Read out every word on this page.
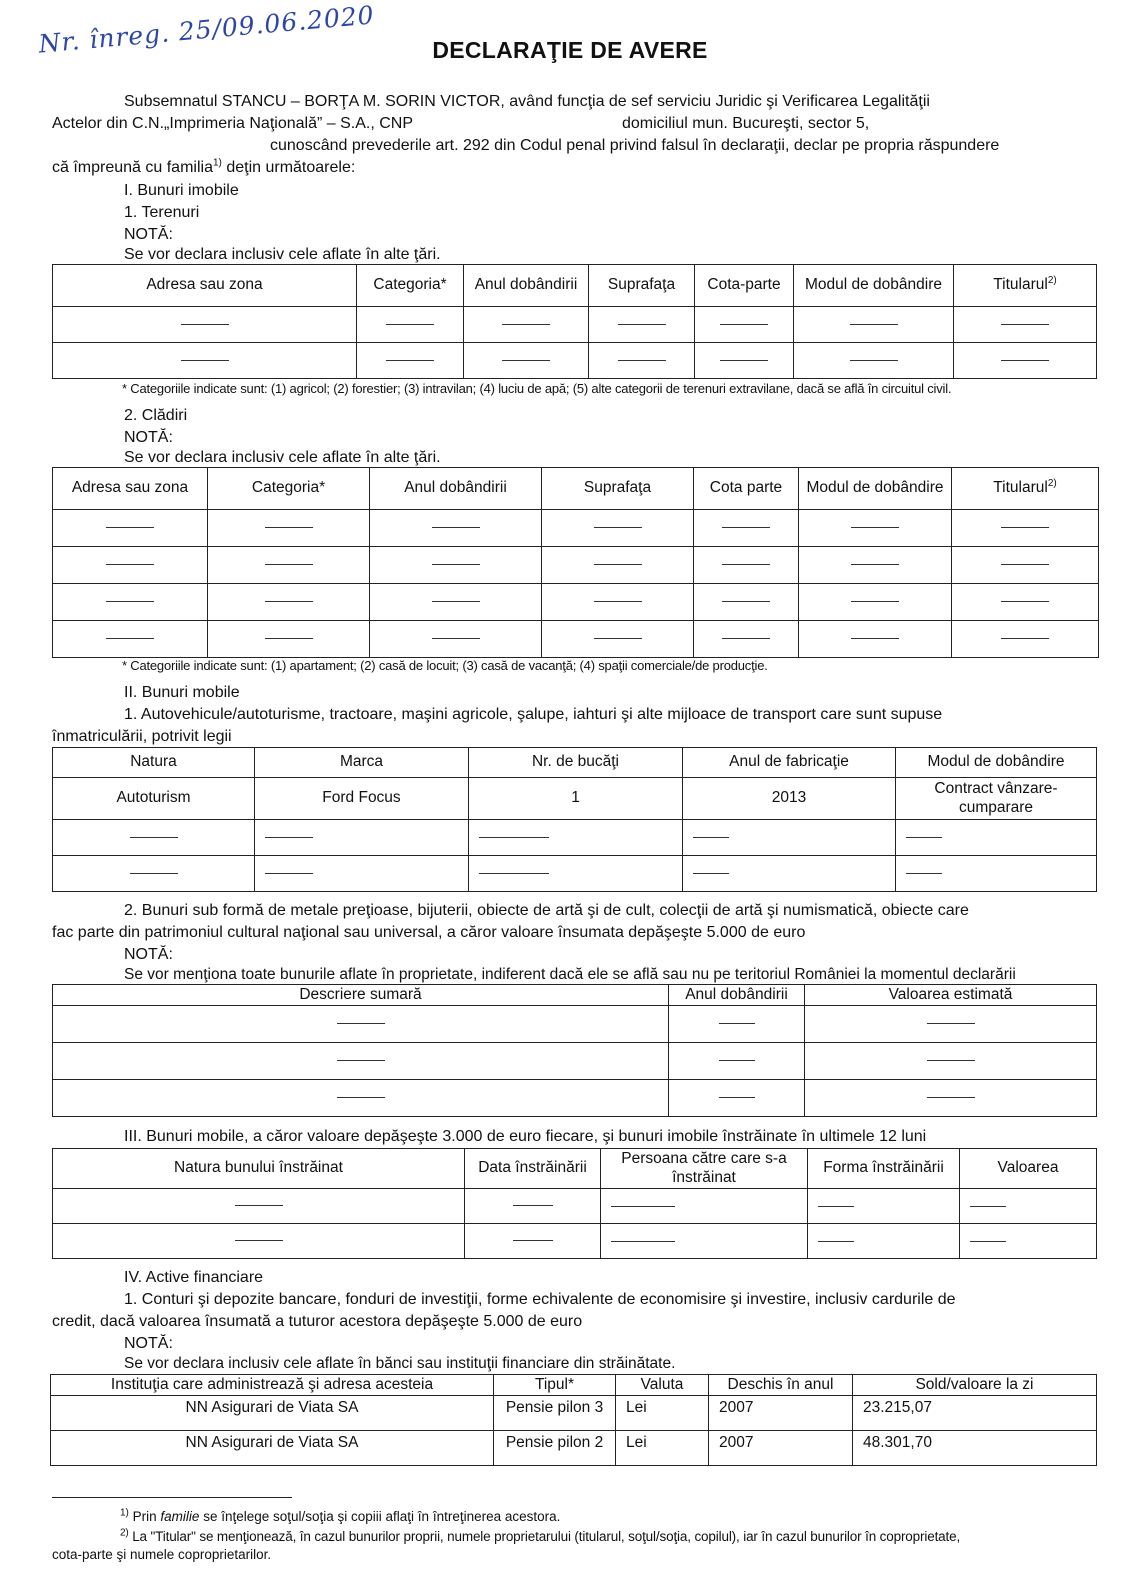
Nr. înreg. 25/09.06.2020	DECLARAŢIE DE AVERE
Subsemnatul STANCU – BORŢA M. SORIN VICTOR, având funcţia de sef serviciu Juridic şi Verificarea Legalităţii
Actelor din C.N.„Imprimeria Naţională” – S.A., CNP	domiciliul mun. Bucureşti, sector 5,
cunoscând prevederile art. 292 din Codul penal privind falsul în declaraţii, declar pe propria răspundere
că împreună cu familia$^{1)}$ deţin următoarele:
I. Bunuri imobile
1. Terenuri
NOTĂ:
Se vor declara inclusiv cele aflate în alte ţări.
Adresa sau zona	Categoria*	Anul dobândirii	Suprafaţa	Cota-parte	Modul de dobândire	Titularul$^{2)}$

* Categoriile indicate sunt: (1) agricol; (2) forestier; (3) intravilan; (4) luciu de apă; (5) alte categorii de terenuri extravilane, dacă se află în circuitul civil.
2. Clădiri
NOTĂ:
Se vor declara inclusiv cele aflate în alte ţări.
Adresa sau zona	Categoria*	Anul dobândirii	Suprafaţa	Cota parte	Modul de dobândire	Titularul$^{2)}$

* Categoriile indicate sunt: (1) apartament; (2) casă de locuit; (3) casă de vacanţă; (4) spaţii comerciale/de producţie.
II. Bunuri mobile
1. Autovehicule/autoturisme, tractoare, maşini agricole, şalupe, iahturi şi alte mijloace de transport care sunt supuse
înmatriculării, potrivit legii
Natura	Marca	Nr. de bucăţi	Anul de fabricaţie	Modul de dobândire
Autoturism	Ford Focus	1	2013	Contract vânzare-cumparare

2. Bunuri sub formă de metale preţioase, bijuterii, obiecte de artă şi de cult, colecţii de artă şi numismatică, obiecte care
fac parte din patrimoniul cultural naţional sau universal, a căror valoare însumata depăşeşte 5.000 de euro
NOTĂ:
Se vor menţiona toate bunurile aflate în proprietate, indiferent dacă ele se află sau nu pe teritoriul României la momentul declarării
Descriere sumară	Anul dobândirii	Valoarea estimată

III. Bunuri mobile, a căror valoare depăşeşte 3.000 de euro fiecare, şi bunuri imobile înstrăinate în ultimele 12 luni
Natura bunului înstrăinat	Data înstrăinării	Persoana către care s-a înstrăinat	Forma înstrăinării	Valoarea

IV. Active financiare
1. Conturi şi depozite bancare, fonduri de investiţii, forme echivalente de economisire şi investire, inclusiv cardurile de
credit, dacă valoarea însumată a tuturor acestora depăşeşte 5.000 de euro
NOTĂ:
Se vor declara inclusiv cele aflate în bănci sau instituţii financiare din străinătate.
Instituţia care administrează şi adresa acesteia	Tipul*	Valuta	Deschis în anul	Sold/valoare la zi
NN Asigurari de Viata SA	Pensie pilon 3	Lei	2007	23.215,07
NN Asigurari de Viata SA	Pensie pilon 2	Lei	2007	48.301,70
$^{1)}$ Prin familie se înţelege soţul/soţia şi copiii aflaţi în întreţinerea acestora.
$^{2)}$ La "Titular" se menţionează, în cazul bunurilor proprii, numele proprietarului (titularul, soţul/soţia, copilul), iar în cazul bunurilor în coproprietate,
cota-parte şi numele coproprietarilor.
